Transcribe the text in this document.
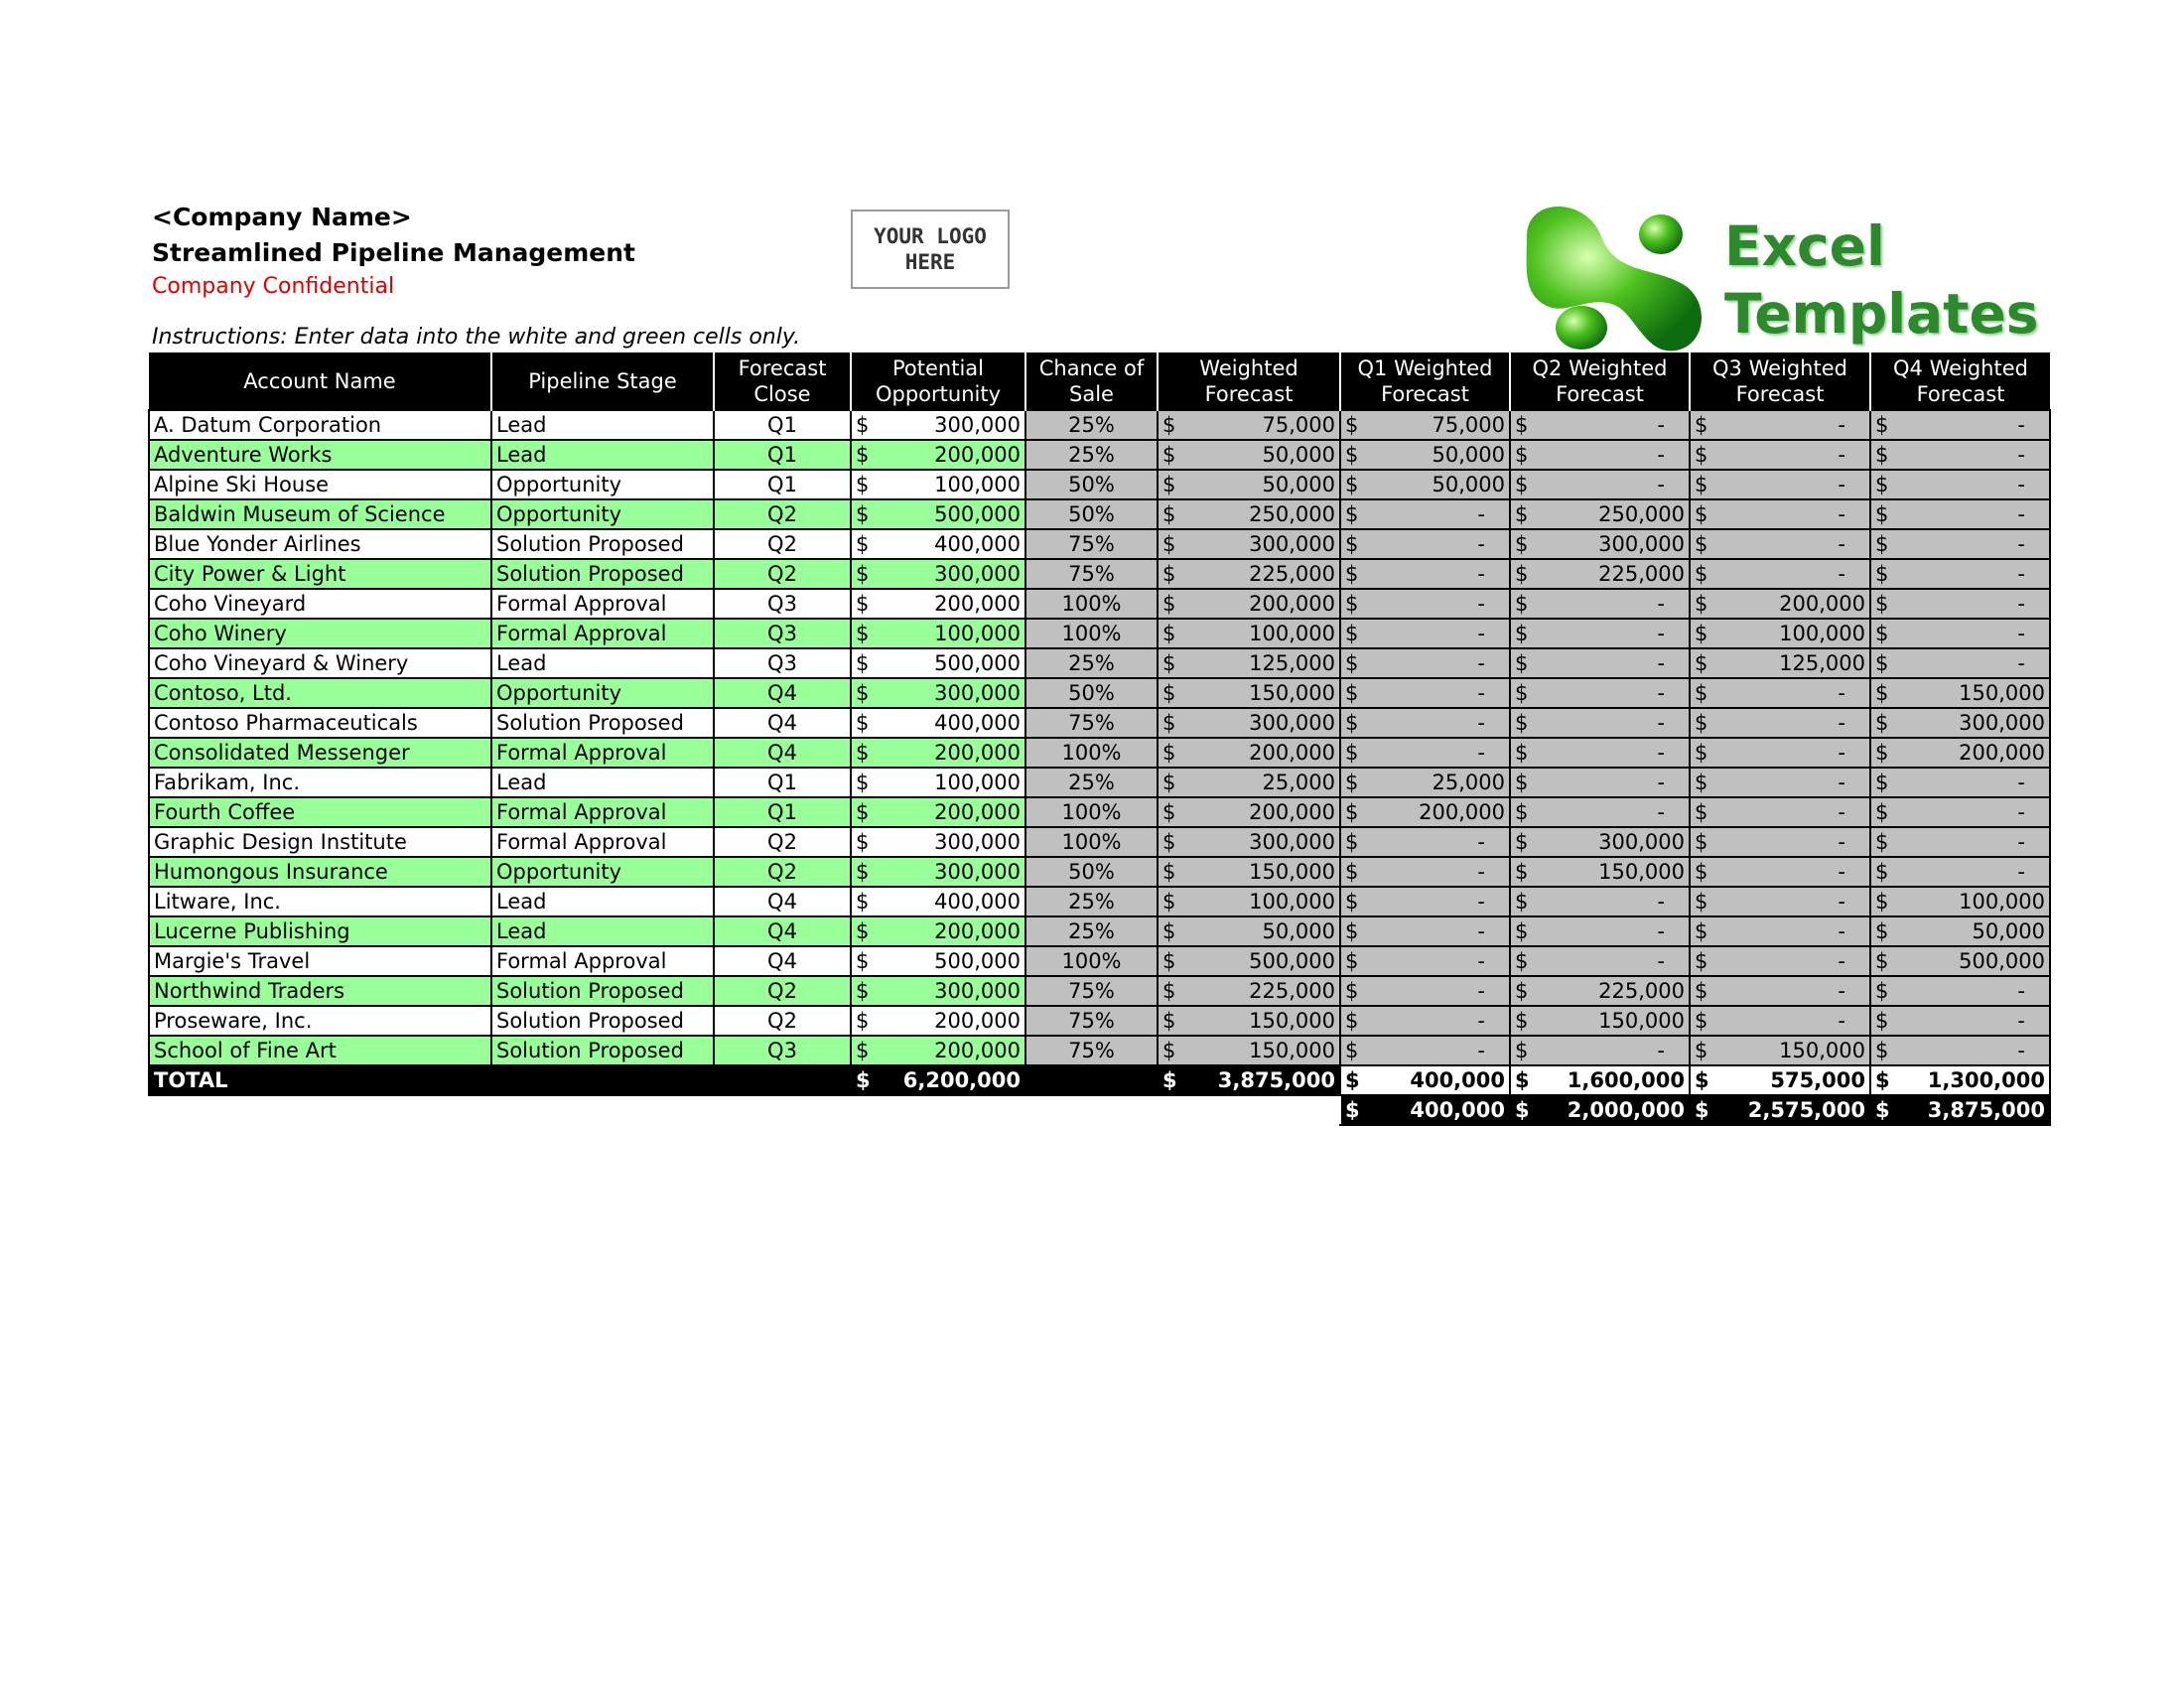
<Company Name>
Streamlined Pipeline Management
Company Confidential
Instructions: Enter data into the white and green cells only.
YOUR LOGO HERE	Excel
Templates
Account Name	Pipeline Stage	Forecast Close	Potential Opportunity	Chance of Sale	Weighted Forecast	Q1 Weighted Forecast	Q2 Weighted Forecast	Q3 Weighted Forecast	Q4 Weighted Forecast
A. Datum Corporation	Lead	Q1	$ 300,000	25%	$ 75,000	$ 75,000	$ -	$ -	$ -

Adventure Works	Lead	Q1	$ 200,000	25%	$ 50,000	$ 50,000	$ -	$ -	$ -

Alpine Ski House	Opportunity	Q1	$ 100,000	50%	$ 50,000	$ 50,000	$ -	$ -	$ -

Baldwin Museum of Science	Opportunity	Q2	$ 500,000	50%	$ 250,000	$ -	$ 250,000	$ -	$ -

Blue Yonder Airlines	Solution Proposed	Q2	$ 400,000	75%	$ 300,000	$ -	$ 300,000	$ -	$ -

City Power & Light	Solution Proposed	Q2	$ 300,000	75%	$ 225,000	$ -	$ 225,000	$ -	$ -

Coho Vineyard	Formal Approval	Q3	$ 200,000	100%	$ 200,000	$ -	$ -	$ 200,000	$ -

Coho Winery	Formal Approval	Q3	$ 100,000	100%	$ 100,000	$ -	$ -	$ 100,000	$ -

Coho Vineyard & Winery	Lead	Q3	$ 500,000	25%	$ 125,000	$ -	$ -	$ 125,000	$ -

Contoso, Ltd.	Opportunity	Q4	$ 300,000	50%	$ 150,000	$ -	$ -	$ -	$ 150,000

Contoso Pharmaceuticals	Solution Proposed	Q4	$ 400,000	75%	$ 300,000	$ -	$ -	$ -	$ 300,000

Consolidated Messenger	Formal Approval	Q4	$ 200,000	100%	$ 200,000	$ -	$ -	$ -	$ 200,000

Fabrikam, Inc.	Lead	Q1	$ 100,000	25%	$ 25,000	$ 25,000	$ -	$ -	$ -

Fourth Coffee	Formal Approval	Q1	$ 200,000	100%	$ 200,000	$ 200,000	$ -	$ -	$ -

Graphic Design Institute	Formal Approval	Q2	$ 300,000	100%	$ 300,000	$ -	$ 300,000	$ -	$ -

Humongous Insurance	Opportunity	Q2	$ 300,000	50%	$ 150,000	$ -	$ 150,000	$ -	$ -

Litware, Inc.	Lead	Q4	$ 400,000	25%	$ 100,000	$ -	$ -	$ -	$ 100,000

Lucerne Publishing	Lead	Q4	$ 200,000	25%	$ 50,000	$ -	$ -	$ -	$ 50,000

Margie's Travel	Formal Approval	Q4	$ 500,000	100%	$ 500,000	$ -	$ -	$ -	$ 500,000

Northwind Traders	Solution Proposed	Q2	$ 300,000	75%	$ 225,000	$ -	$ 225,000	$ -	$ -

Proseware, Inc.	Solution Proposed	Q2	$ 200,000	75%	$ 150,000	$ -	$ 150,000	$ -	$ -

School of Fine Art	Solution Proposed	Q3	$ 200,000	75%	$ 150,000	$ -	$ -	$ 150,000	$ -

TOTAL			$ 6,200,000		$ 3,875,000	$ 400,000	$ 1,600,000	$ 575,000	$ 1,300,000

						$ 400,000	$ 2,000,000	$ 2,575,000	$ 3,875,000
